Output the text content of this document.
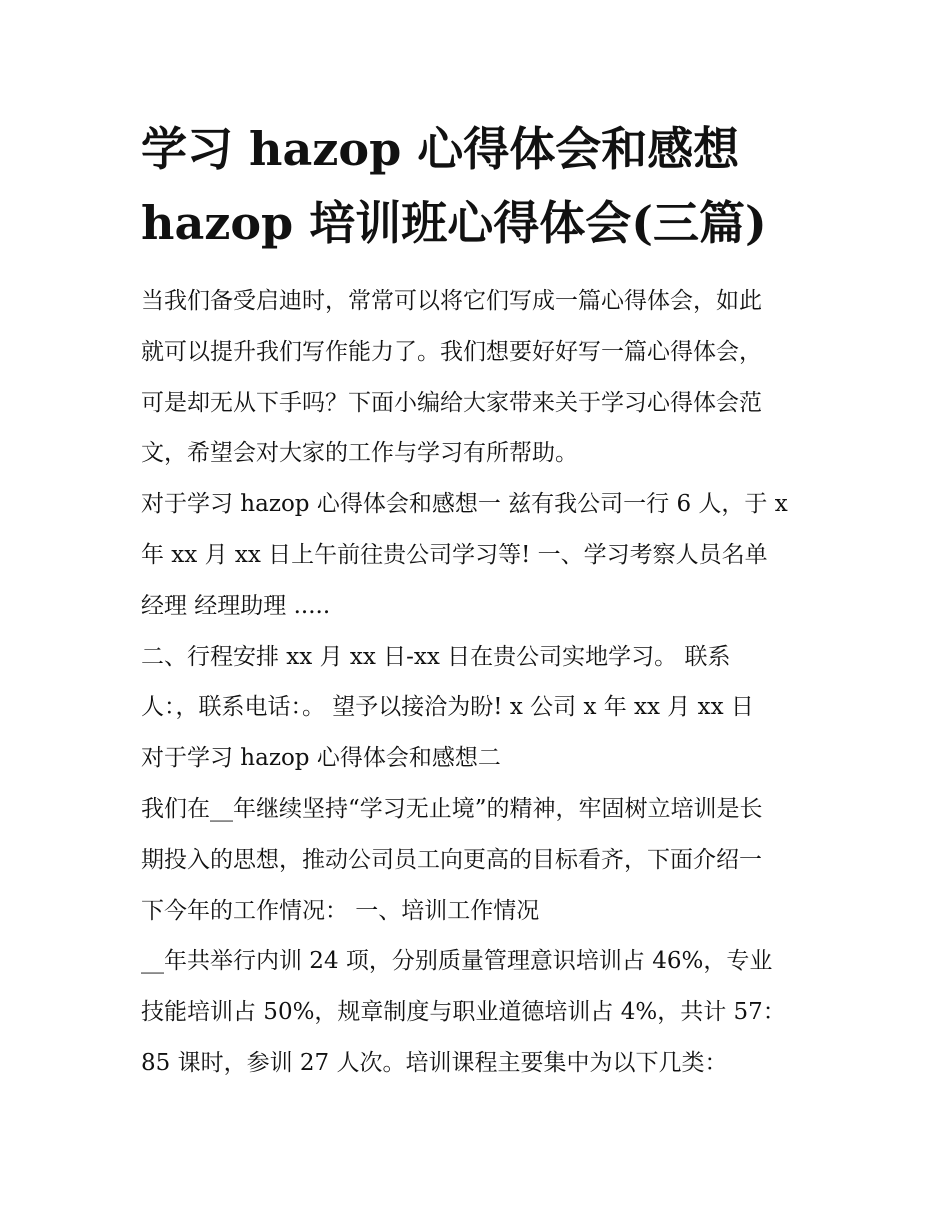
学习 hazop 心得体会和感想
hazop 培训班心得体会(三篇)
当我们备受启迪时，常常可以将它们写成一篇心得体会，如此
就可以提升我们写作能力了。我们想要好好写一篇心得体会，
可是却无从下手吗？下面小编给大家带来关于学习心得体会范
文，希望会对大家的工作与学习有所帮助。
对于学习 hazop 心得体会和感想一 兹有我公司一行 6 人，于 x
年 xx 月 xx 日上午前往贵公司学习等! 一、学习考察人员名单
经理 经理助理 .....
二、行程安排 xx 月 xx 日-xx 日在贵公司实地学习。 联系
人：，联系电话：。 望予以接洽为盼! x 公司 x 年 xx 月 xx 日
对于学习 hazop 心得体会和感想二
我们在__年继续坚持“学习无止境”的精神，牢固树立培训是长
期投入的思想，推动公司员工向更高的目标看齐，下面介绍一
下今年的工作情况： 一、培训工作情况
__年共举行内训 24 项，分别质量管理意识培训占 46%，专业
技能培训占 50%，规章制度与职业道德培训占 4%，共计 57：
85 课时，参训 27 人次。培训课程主要集中为以下几类：
